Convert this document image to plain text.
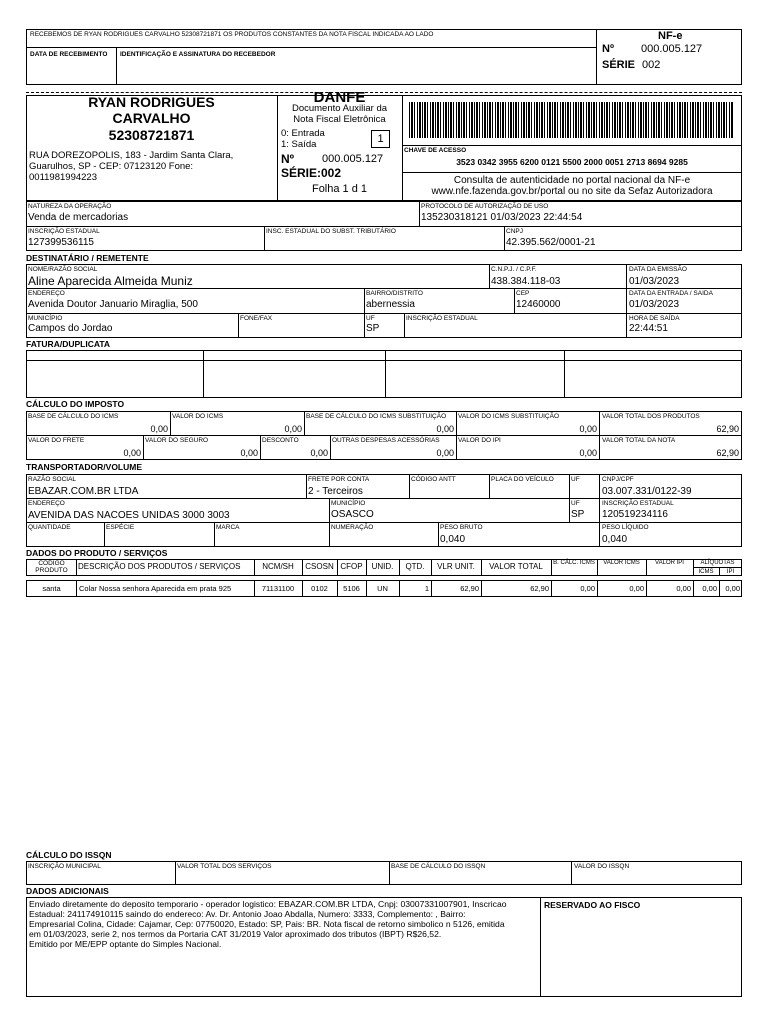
RECEBEMOS DE RYAN RODRIGUES CARVALHO 52308721871 OS PRODUTOS CONSTANTES DA NOTA FISCAL INDICADA AO LADO
DATA DE RECEBIMENTO IDENTIFICAÇÃO E ASSINATURA DO RECEBEDOR
NF-e
Nº 000.005.127
SÉRIE 002
RYAN RODRIGUES
CARVALHO
52308721871
RUA DOREZOPOLIS, 183 - Jardim Santa Clara,
Guarulhos, SP - CEP: 07123120 Fone:
0011981994223
DANFE
Documento Auxiliar da
Nota Fiscal Eletrônica
0: Entrada
1: Saída	1
Nº	000.005.127
SÉRIE:002
Folha 1 d 1
CHAVE DE ACESSO
3523 0342 3955 6200 0121 5500 2000 0051 2713 8694 9285
Consulta de autenticidade no portal nacional da NF-e
www.nfe.fazenda.gov.br/portal ou no site da Sefaz Autorizadora
NATUREZA DA OPERAÇÃO
Venda de mercadorias
PROTOCOLO DE AUTORIZAÇÃO DE USO
135230318121 01/03/2023 22:44:54
INSCRIÇÃO ESTADUAL
127399536115
INSC. ESTADUAL DO SUBST. TRIBUTÁRIO	CNPJ
42.395.562/0001-21
DESTINATÁRIO / REMETENTE
NOME/RAZÃO SOCIAL
Aline Aparecida Almeida Muniz
C.N.P.J. / C.P.F.
438.384.118-03
DATA DA EMISSÃO
01/03/2023
ENDEREÇO
Avenida Doutor Januario Miraglia, 500
BAIRRO/DISTRITO
abernessia
CEP
12460000
DATA DA ENTRADA / SAIDA
01/03/2023
MUNICÍPIO
Campos do Jordao
FONE/FAX	UF
SP
INSCRIÇÃO ESTADUAL	HORA DE SAÍDA
22:44:51
FATURA/DUPLICATA
CÁLCULO DO IMPOSTO
BASE DE CÁLCULO DO ICMS
0,00
VALOR DO ICMS
0,00
BASE DE CÁLCULO DO ICMS SUBSTITUIÇÃO
0,00
VALOR DO ICMS SUBSTITUIÇÃO
0,00
VALOR TOTAL DOS PRODUTOS
62,90
VALOR DO FRETE
0,00
VALOR DO SEGURO
0,00
DESCONTO
0,00
OUTRAS DESPESAS ACESSÓRIAS
0,00
VALOR DO IPI
0,00
VALOR TOTAL DA NOTA
62,90
TRANSPORTADOR/VOLUME
RAZÃO SOCIAL
EBAZAR.COM.BR LTDA
FRETE POR CONTA
2 - Terceiros
CÓDIGO ANTT	PLACA DO VEÍCULO	UF	CNPJ/CPF
03.007.331/0122-39
ENDEREÇO
AVENIDA DAS NACOES UNIDAS 3000 3003
MUNICÍPIO
OSASCO
UF
SP
INSCRIÇÃO ESTADUAL
120519234116
QUANTIDADE	ESPÉCIE	MARCA	NUMERAÇÃO	PESO BRUTO
0,040
PESO LÍQUIDO
0,040
DADOS DO PRODUTO / SERVIÇOS
CÓDIGO PRODUTO	DESCRIÇÃO DOS PRODUTOS / SERVIÇOS	NCM/SH	CSOSN CFOP	UNID.	QTD.	VLR UNIT.	VALOR TOTAL	B. CÁLC. ICMS	VALOR ICMS	VALOR IPI	ALÍQUOTAS
ICMS	IPI
santa	Colar Nossa senhora Aparecida em prata 925	71131100	0102	5106	UN	1	62,90	62,90	0,00	0,00	0,00	0,00	0,00
CÁLCULO DO ISSQN
INSCRIÇÃO MUNICIPAL	VALOR TOTAL DOS SERVIÇOS	BASE DE CÁLCULO DO ISSQN	VALOR DO ISSQN
DADOS ADICIONAIS
Enviado diretamente do deposito temporario - operador logistico: EBAZAR.COM.BR LTDA, Cnpj: 03007331007901, Inscricao
Estadual: 241174910115 saindo do endereco: Av. Dr. Antonio Joao Abdalla, Numero: 3333, Complemento: , Bairro:
Empresarial Colina, Cidade: Cajamar, Cep: 07750020, Estado: SP, Pais: BR. Nota fiscal de retorno simbolico n 5126, emitida
em 01/03/2023, serie 2, nos termos da Portaria CAT 31/2019 Valor aproximado dos tributos (IBPT) R$26,52.
Emitido por ME/EPP optante do Simples Nacional.
RESERVADO AO FISCO
